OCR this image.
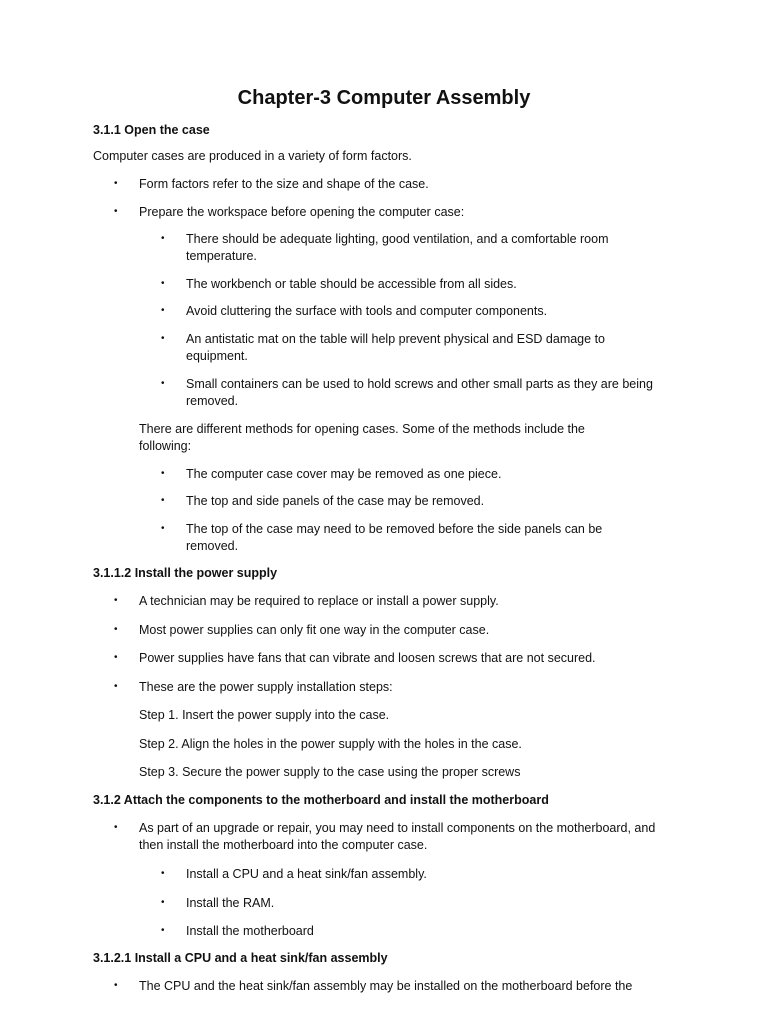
Chapter-3 Computer Assembly
3.1.1 Open the case
Computer cases are produced in a variety of form factors.
• Form factors refer to the size and shape of the case.
• Prepare the workspace before opening the computer case:
• There should be adequate lighting, good ventilation, and a comfortable room temperature.
• The workbench or table should be accessible from all sides.
• Avoid cluttering the surface with tools and computer components.
• An antistatic mat on the table will help prevent physical and ESD damage to equipment.
• Small containers can be used to hold screws and other small parts as they are being removed.
There are different methods for opening cases. Some of the methods include the following:
• The computer case cover may be removed as one piece.
• The top and side panels of the case may be removed.
• The top of the case may need to be removed before the side panels can be removed.
3.1.1.2 Install the power supply
• A technician may be required to replace or install a power supply.
• Most power supplies can only fit one way in the computer case.
• Power supplies have fans that can vibrate and loosen screws that are not secured.
• These are the power supply installation steps:
Step 1. Insert the power supply into the case.
Step 2. Align the holes in the power supply with the holes in the case.
Step 3. Secure the power supply to the case using the proper screws
3.1.2 Attach the components to the motherboard and install the motherboard
• As part of an upgrade or repair, you may need to install components on the motherboard, and then install the motherboard into the computer case.
• Install a CPU and a heat sink/fan assembly.
• Install the RAM.
• Install the motherboard
3.1.2.1 Install a CPU and a heat sink/fan assembly
• The CPU and the heat sink/fan assembly may be installed on the motherboard before the
